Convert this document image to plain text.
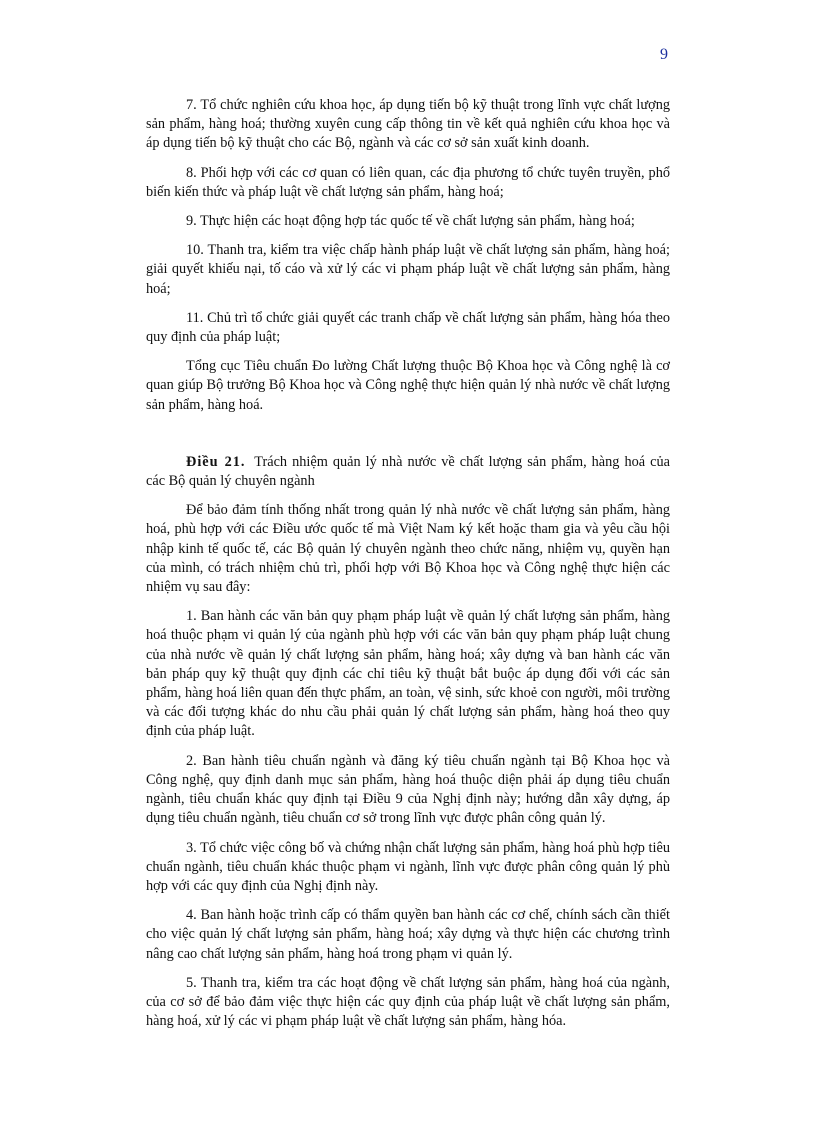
9

7. Tổ chức nghiên cứu khoa học, áp dụng tiến bộ kỹ thuật trong lĩnh vực chất lượng sản phẩm, hàng hoá; thường xuyên cung cấp thông tin về kết quả nghiên cứu khoa học và áp dụng tiến bộ kỹ thuật cho các Bộ, ngành và các cơ sở sản xuất kinh doanh.

8. Phối hợp với các cơ quan có liên quan, các địa phương tổ chức tuyên truyền, phổ biến kiến thức và pháp luật về chất lượng sản phẩm, hàng hoá;

9. Thực hiện các hoạt động hợp tác quốc tế về chất lượng sản phẩm, hàng hoá;

10. Thanh tra, kiểm tra việc chấp hành pháp luật về chất lượng sản phẩm, hàng hoá; giải quyết khiếu nại, tố cáo và xử lý các vi phạm pháp luật về chất lượng sản phẩm, hàng hoá;

11. Chủ trì tổ chức giải quyết các tranh chấp về chất lượng sản phẩm, hàng hóa theo quy định của pháp luật;

Tổng cục Tiêu chuẩn Đo lường Chất lượng thuộc Bộ Khoa học và Công nghệ là cơ quan giúp Bộ trưởng Bộ Khoa học và Công nghệ thực hiện quản lý nhà nước về chất lượng sản phẩm, hàng hoá.

Điều 21. Trách nhiệm quản lý nhà nước về chất lượng sản phẩm, hàng hoá của các Bộ quản lý chuyên ngành

Để bảo đảm tính thống nhất trong quản lý nhà nước về chất lượng sản phẩm, hàng hoá, phù hợp với các Điều ước quốc tế mà Việt Nam ký kết hoặc tham gia và yêu cầu hội nhập kinh tế quốc tế, các Bộ quản lý chuyên ngành theo chức năng, nhiệm vụ, quyền hạn của mình, có trách nhiệm chủ trì, phối hợp với Bộ Khoa học và Công nghệ thực hiện các nhiệm vụ sau đây:

1. Ban hành các văn bản quy phạm pháp luật về quản lý chất lượng sản phẩm, hàng hoá thuộc phạm vi quản lý của ngành phù hợp với các văn bản quy phạm pháp luật chung của nhà nước về quản lý chất lượng sản phẩm, hàng hoá; xây dựng và ban hành các văn bản pháp quy kỹ thuật quy định các chỉ tiêu kỹ thuật bắt buộc áp dụng đối với các sản phẩm, hàng hoá liên quan đến thực phẩm, an toàn, vệ sinh, sức khoẻ con người, môi trường và các đối tượng khác do nhu cầu phải quản lý chất lượng sản phẩm, hàng hoá theo quy định của pháp luật.

2. Ban hành tiêu chuẩn ngành và đăng ký tiêu chuẩn ngành tại Bộ Khoa học và Công nghệ, quy định danh mục sản phẩm, hàng hoá thuộc diện phải áp dụng tiêu chuẩn ngành, tiêu chuẩn khác quy định tại Điều 9 của Nghị định này; hướng dẫn xây dựng, áp dụng tiêu chuẩn ngành, tiêu chuẩn cơ sở trong lĩnh vực được phân công quản lý.

3. Tổ chức việc công bố và chứng nhận chất lượng sản phẩm, hàng hoá phù hợp tiêu chuẩn ngành, tiêu chuẩn khác thuộc phạm vi ngành, lĩnh vực được phân công quản lý phù hợp với các quy định của Nghị định này.

4. Ban hành hoặc trình cấp có thẩm quyền ban hành các cơ chế, chính sách cần thiết cho việc quản lý chất lượng sản phẩm, hàng hoá; xây dựng và thực hiện các chương trình nâng cao chất lượng sản phẩm, hàng hoá trong phạm vi quản lý.

5. Thanh tra, kiểm tra các hoạt động về chất lượng sản phẩm, hàng hoá của ngành, của cơ sở để bảo đảm việc thực hiện các quy định của pháp luật về chất lượng sản phẩm, hàng hoá, xử lý các vi phạm pháp luật về chất lượng sản phẩm, hàng hóa.
